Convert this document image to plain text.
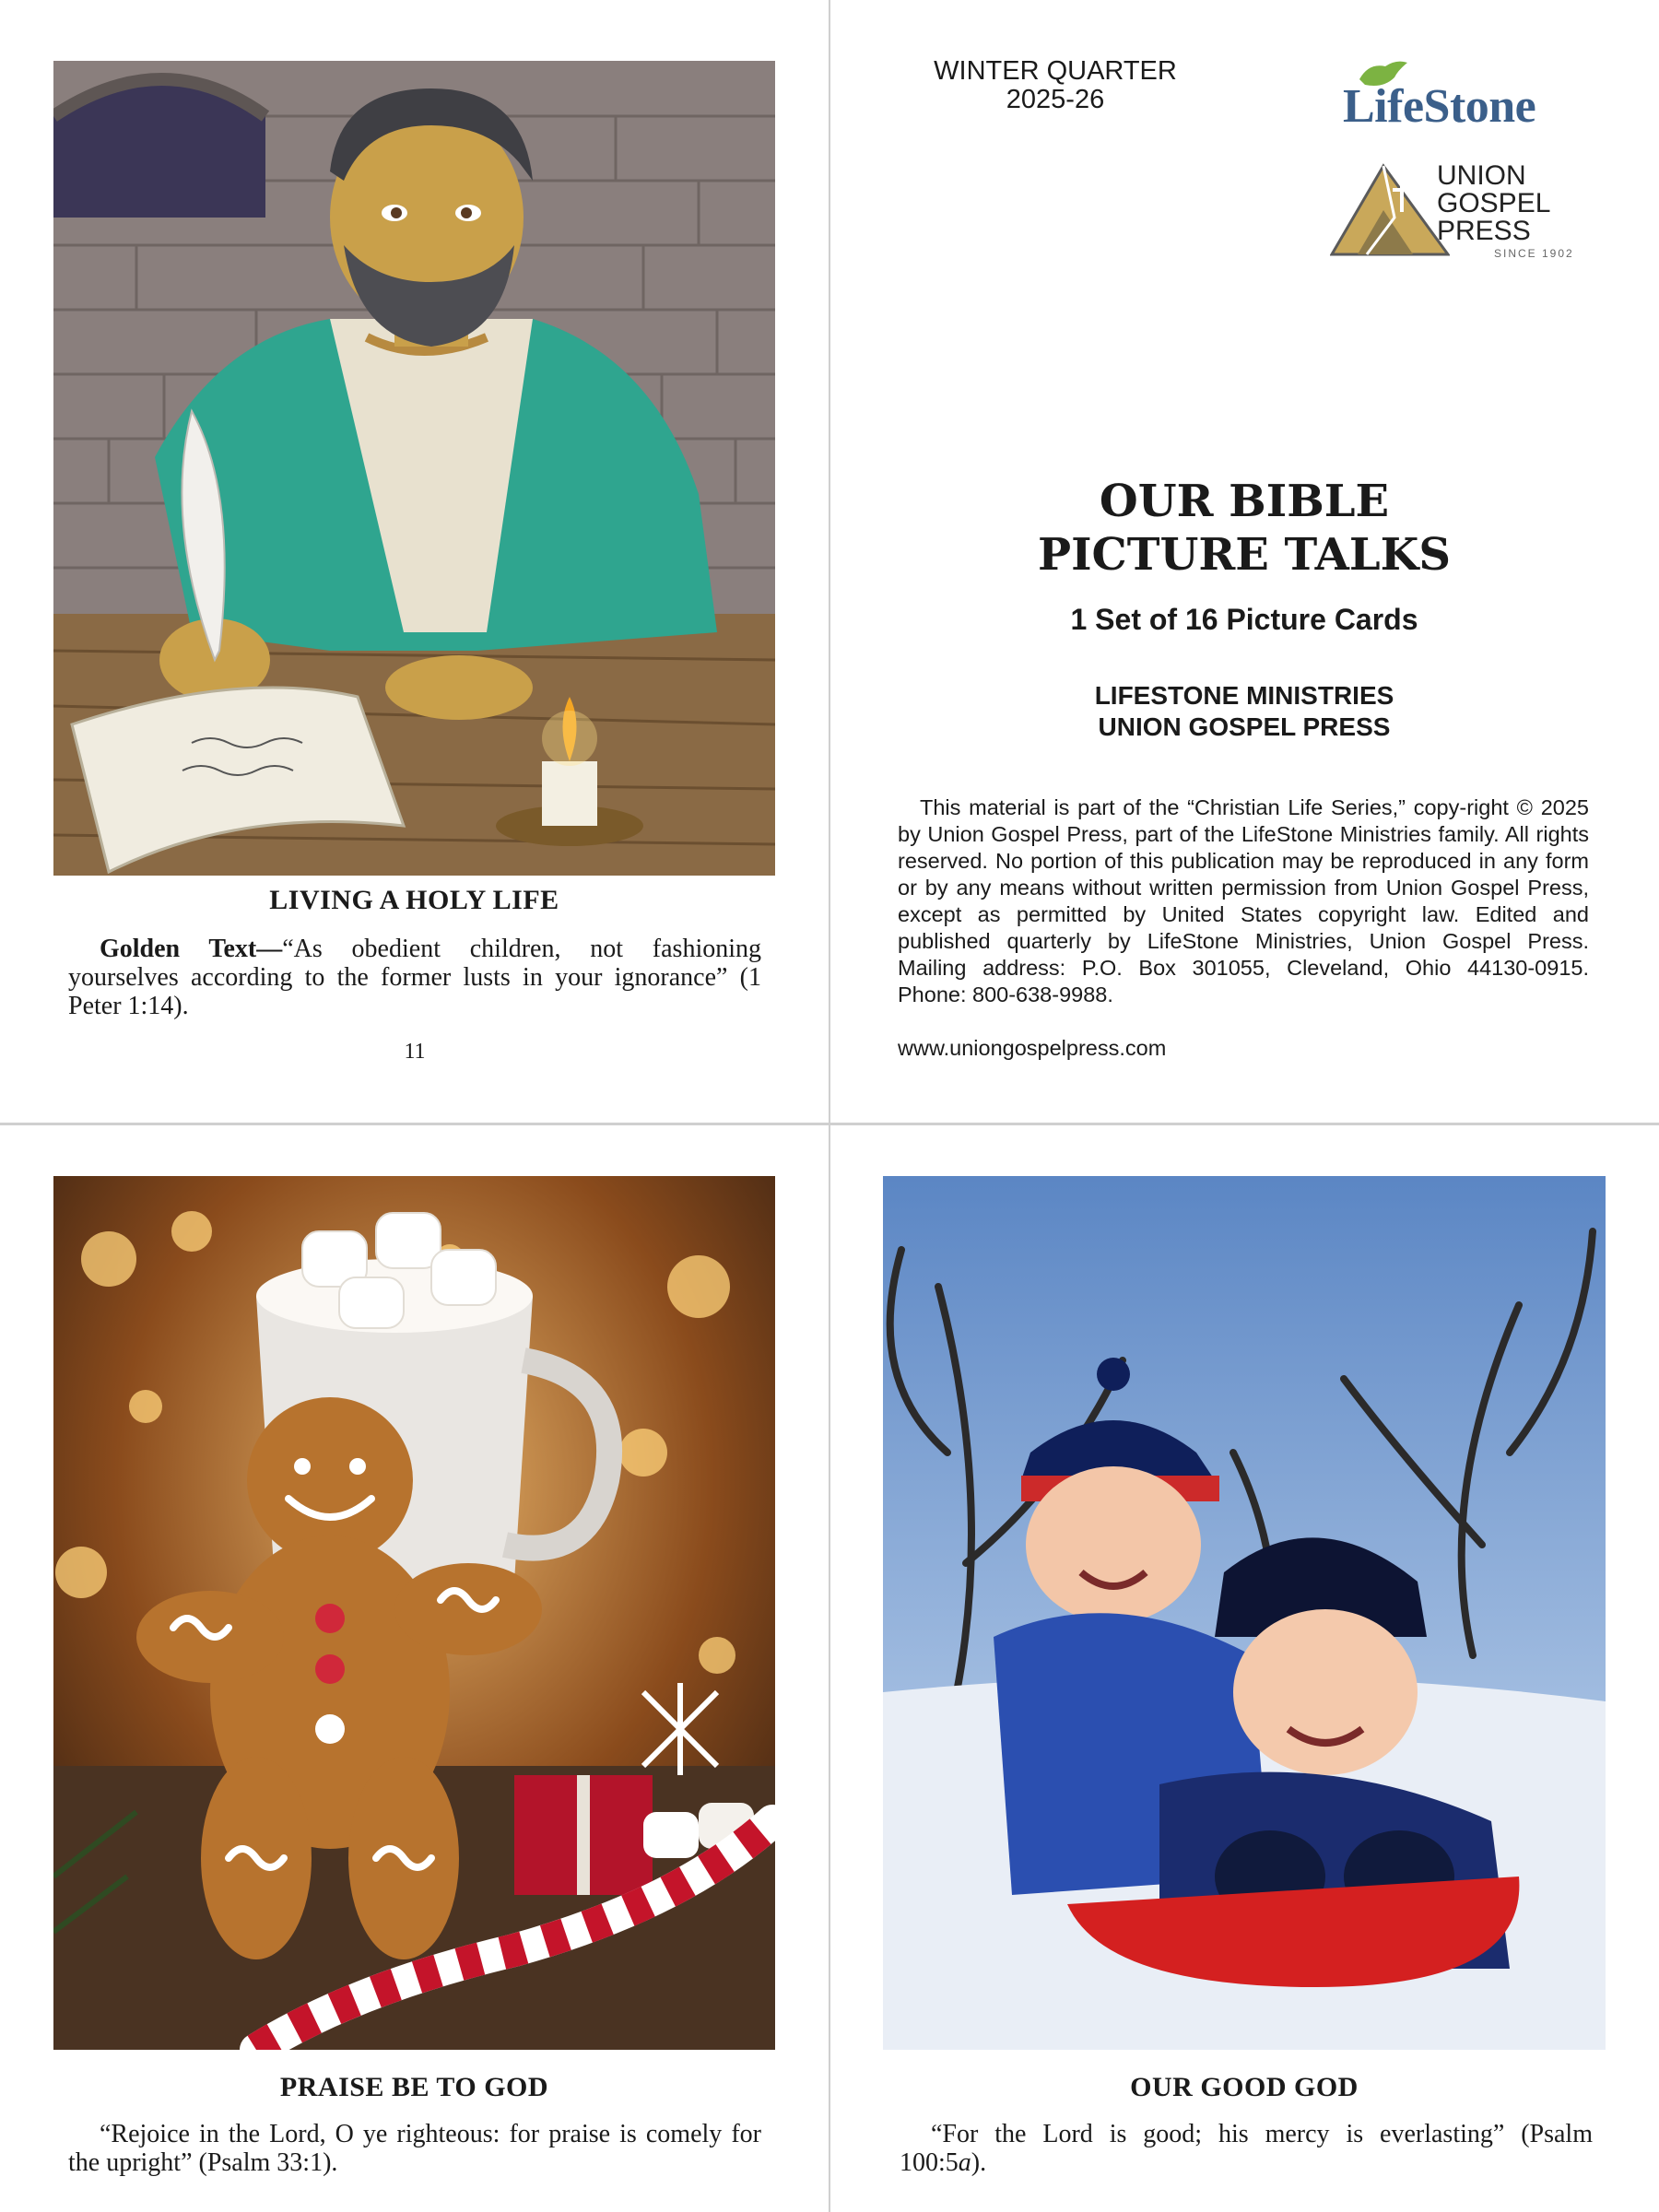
LIVING A HOLY LIFE
Golden Text—“As obedient children, not fashioning yourselves according to the former lusts in your ignorance” (1 Peter 1:14).
11
WINTER QUARTER
2025-26	LifeStone
UNION
GOSPEL
PRESS
SINCE 1902
OUR BIBLE
PICTURE TALKS
1 Set of 16 Picture Cards
LIFESTONE MINISTRIES
UNION GOSPEL PRESS
This material is part of the “Christian Life Series,” copy-right © 2025 by Union Gospel Press, part of the LifeStone Ministries family. All rights reserved. No portion of this publication may be reproduced in any form or by any means without written permission from Union Gospel Press, except as permitted by United States copyright law. Edited and published quarterly by LifeStone Ministries, Union Gospel Press. Mailing address: P.O. Box 301055, Cleveland, Ohio 44130-0915. Phone: 800-638-9988.
www.uniongospelpress.com
PRAISE BE TO GOD
“Rejoice in the Lord, O ye righteous: for praise is comely for the upright” (Psalm 33:1).
OUR GOOD GOD
“For the Lord is good; his mercy is everlasting” (Psalm 100:5a).
